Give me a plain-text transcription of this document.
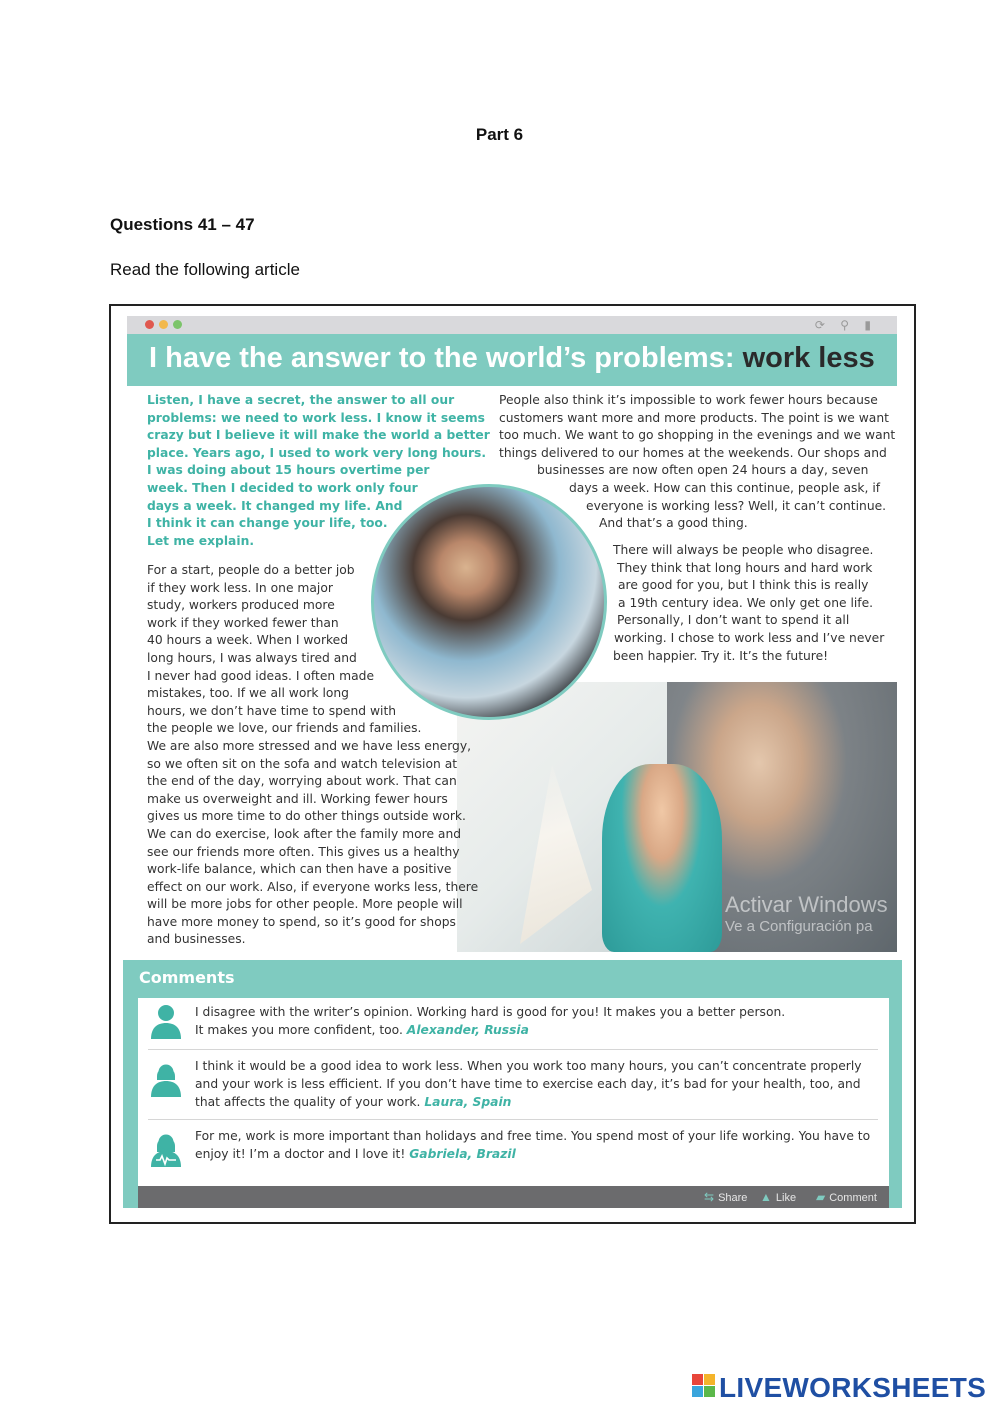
Part 6
Questions 41 – 47
Read the following article
⟳ ⚲ ▮
I have the answer to the world’s problems: work less
Listen, I have a secret, the answer to all our
problems: we need to work less. I know it seems
crazy but I believe it will make the world a better
place. Years ago, I used to work very long hours.
I was doing about 15 hours overtime per
week. Then I decided to work only four
days a week. It changed my life. And
I think it can change your life, too.
Let me explain.
For a start, people do a better job
if they work less. In one major
study, workers produced more
work if they worked fewer than
40 hours a week. When I worked
long hours, I was always tired and
I never had good ideas. I often made
mistakes, too. If we all work long
hours, we don’t have time to spend with
the people we love, our friends and families.
We are also more stressed and we have less energy,
so we often sit on the sofa and watch television at
the end of the day, worrying about work. That can
make us overweight and ill. Working fewer hours
gives us more time to do other things outside work.
We can do exercise, look after the family more and
see our friends more often. This gives us a healthy
work-life balance, which can then have a positive
effect on our work. Also, if everyone works less, there
will be more jobs for other people. More people will
have more money to spend, so it’s good for shops
and businesses.
People also think it’s impossible to work fewer hours because
customers want more and more products. The point is we want
too much. We want to go shopping in the evenings and we want
things delivered to our homes at the weekends. Our shops and
businesses are now often open 24 hours a day, seven
days a week. How can this continue, people ask, if
everyone is working less? Well, it can’t continue.
And that’s a good thing.
There will always be people who disagree.
They think that long hours and hard work
are good for you, but I think this is really
a 19th century idea. We only get one life.
Personally, I don’t want to spend it all
working. I chose to work less and I’ve never
been happier. Try it. It’s the future!
Activar Windows
Ve a Configuración pa
Comments
I disagree with the writer’s opinion. Working hard is good for you! It makes you a better person.
It makes you more confident, too. Alexander, Russia
I think it would be a good idea to work less. When you work too many hours, you can’t concentrate properly
and your work is less efficient. If you don’t have time to exercise each day, it’s bad for your health, too, and
that affects the quality of your work. Laura, Spain
For me, work is more important than holidays and free time. You spend most of your life working. You have to
enjoy it! I’m a doctor and I love it! Gabriela, Brazil
⇆ Share ▲ Like ▰ Comment
LIVEWORKSHEETS
